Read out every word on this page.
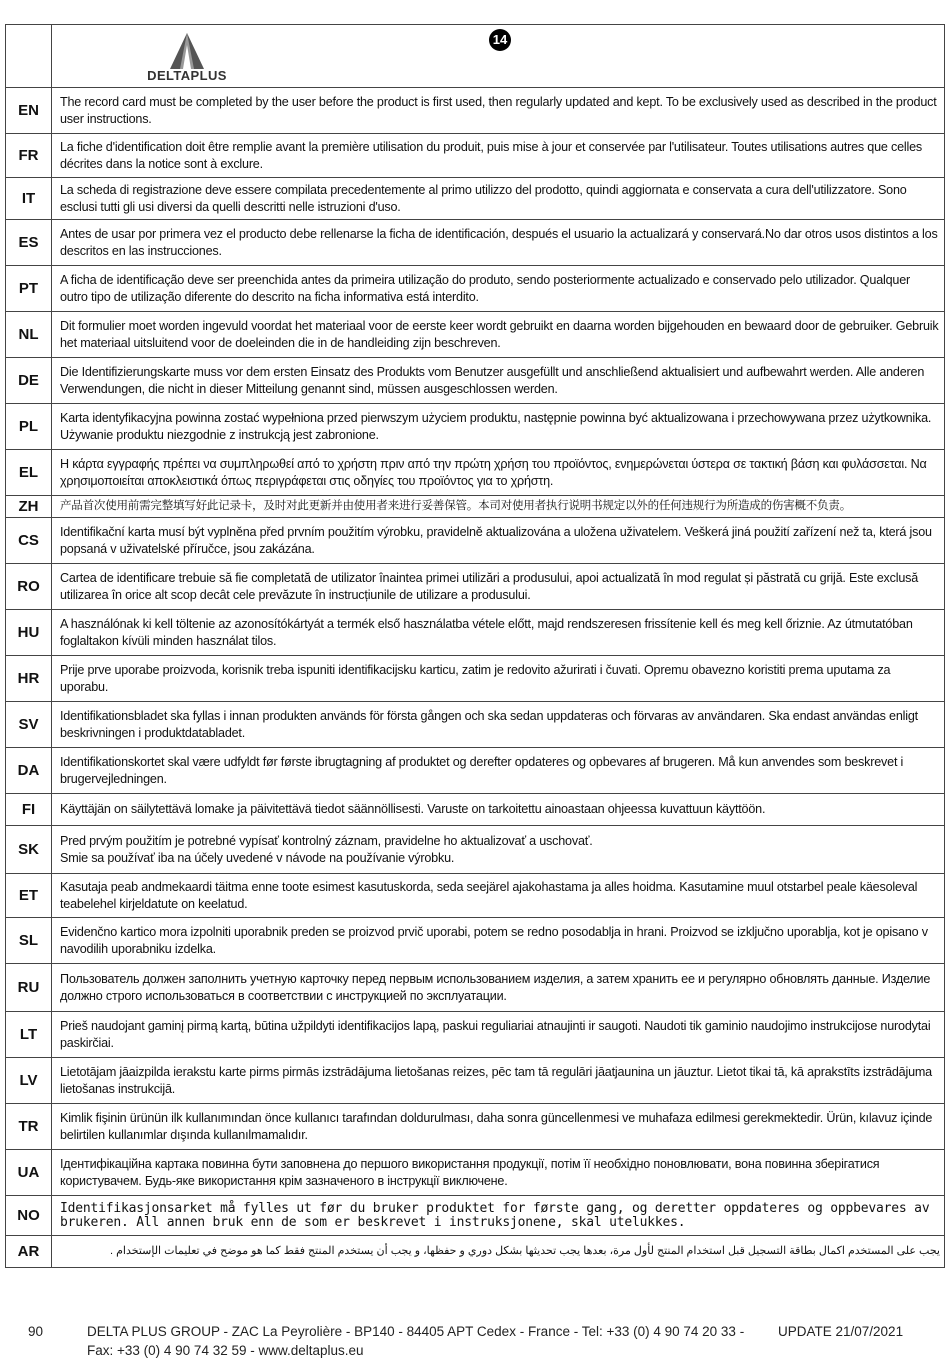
	DELTAPLUS
14

EN	The record card must be completed by the user before the product is first used, then regularly updated and kept. To be exclusively used as described in the product user instructions.
FR	La fiche d'identification doit être remplie avant la première utilisation du produit, puis mise à jour et conservée par l'utilisateur. Toutes utilisations autres que celles décrites dans la notice sont à exclure.
IT	La scheda di registrazione deve essere compilata precedentemente al primo utilizzo del prodotto, quindi aggiornata e conservata a cura dell'utilizzatore. Sono esclusi tutti gli usi diversi da quelli descritti nelle istruzioni d'uso.
ES	Antes de usar por primera vez el producto debe rellenarse la ficha de identificación, después el usuario la actualizará y conservará.No dar otros usos distintos a los descritos en las instrucciones.
PT	A ficha de identificação deve ser preenchida antes da primeira utilização do produto, sendo posteriormente actualizado e conservado pelo utilizador. Qualquer outro tipo de utilização diferente do descrito na ficha informativa está interdito.
NL	Dit formulier moet worden ingevuld voordat het materiaal voor de eerste keer wordt gebruikt en daarna worden bijgehouden en bewaard door de gebruiker. Gebruik het materiaal uitsluitend voor de doeleinden die in de handleiding zijn beschreven.
DE	Die Identifizierungskarte muss vor dem ersten Einsatz des Produkts vom Benutzer ausgefüllt und anschließend aktualisiert und aufbewahrt werden. Alle anderen Verwendungen, die nicht in dieser Mitteilung genannt sind, müssen ausgeschlossen werden.
PL	Karta identyfikacyjna powinna zostać wypełniona przed pierwszym użyciem produktu, następnie powinna być aktualizowana i przechowywana przez użytkownika. Używanie produktu niezgodnie z instrukcją jest zabronione.
EL	Η κάρτα εγγραφής πρέπει να συμπληρωθεί από το χρήστη πριν από την πρώτη χρήση του προϊόντος, ενημερώνεται ύστερα σε τακτική βάση και φυλάσσεται. Να χρησιμοποιείται αποκλειστικά όπως περιγράφεται στις οδηγίες του προϊόντος για το χρήστη.
ZH	产品首次使用前需完整填写好此记录卡，及时对此更新并由使用者来进行妥善保管。本司对使用者执行说明书规定以外的任何违规行为所造成的伤害概不负责。
CS	Identifikační karta musí být vyplněna před prvním použitím výrobku, pravidelně aktualizována a uložena uživatelem. Veškerá jiná použití zařízení než ta, která jsou popsaná v uživatelské příručce, jsou zakázána.
RO	Cartea de identificare trebuie să fie completată de utilizator înaintea primei utilizări a produsului, apoi actualizată în mod regulat și păstrată cu grijă. Este exclusă utilizarea în orice alt scop decât cele prevăzute în instrucțiunile de utilizare a produsului.
HU	A használónak ki kell töltenie az azonosítókártyát a termék első használatba vétele előtt, majd rendszeresen frissítenie kell és meg kell őriznie. Az útmutatóban foglaltakon kívüli minden használat tilos.
HR	Prije prve uporabe proizvoda, korisnik treba ispuniti identifikacijsku karticu, zatim je redovito ažurirati i čuvati. Opremu obavezno koristiti prema uputama za uporabu.
SV	Identifikationsbladet ska fyllas i innan produkten används för första gången och ska sedan uppdateras och förvaras av användaren. Ska endast användas enligt beskrivningen i produktdatabladet.
DA	Identifikationskortet skal være udfyldt før første ibrugtagning af produktet og derefter opdateres og opbevares af brugeren. Må kun anvendes som beskrevet i brugervejledningen.
FI	Käyttäjän on säilytettävä lomake ja päivitettävä tiedot säännöllisesti. Varuste on tarkoitettu ainoastaan ohjeessa kuvattuun käyttöön.
SK	Pred prvým použitím je potrebné vypísať kontrolný záznam, pravidelne ho aktualizovať a uschovať.
Smie sa používať iba na účely uvedené v návode na používanie výrobku.
ET	Kasutaja peab andmekaardi täitma enne toote esimest kasutuskorda, seda seejärel ajakohastama ja alles hoidma. Kasutamine muul otstarbel peale käesoleval teabelehel kirjeldatute on keelatud.
SL	Evidenčno kartico mora izpolniti uporabnik preden se proizvod prvič uporabi, potem se redno posodablja in hrani. Proizvod se izključno uporablja, kot je opisano v navodilih uporabniku izdelka.
RU	Пользователь должен заполнить учетную карточку перед первым использованием изделия, а затем хранить ее и регулярно обновлять данные. Изделие должно строго использоваться в соответствии с инструкцией по эксплуатации.
LT	Prieš naudojant gaminį pirmą kartą, būtina užpildyti identifikacijos lapą, paskui reguliariai atnaujinti ir saugoti. Naudoti tik gaminio naudojimo instrukcijose nurodytai paskirčiai.
LV	Lietotājam jāaizpilda ierakstu karte pirms pirmās izstrādājuma lietošanas reizes, pēc tam tā regulāri jāatjaunina un jāuztur. Lietot tikai tā, kā aprakstīts izstrādājuma lietošanas instrukcijā.
TR	Kimlik fişinin ürünün ilk kullanımından önce kullanıcı tarafından doldurulması, daha sonra güncellenmesi ve muhafaza edilmesi gerekmektedir. Ürün, kılavuz içinde belirtilen kullanımlar dışında kullanılmamalıdır.
UA	Ідентифікаційна картака повинна бути заповнена до першого використання продукції, потім її необхідно поновлювати, вона повинна зберігатися користувачем. Будь-яке використання крім зазначеного в інструкції виключене.
NO	Identifikasjonsarket må fylles ut før du bruker produktet for første gang, og deretter oppdateres og oppbevares av brukeren. All annen bruk enn de som er beskrevet i instruksjonene, skal utelukkes.
AR	يجب على المستخدم اكمال بطاقة التسجيل قبل استخدام المنتج لأول مرة، بعدها يجب تحديثها بشكل دوري و حفظها، و يجب أن يستخدم المنتج فقط كما هو موضح في تعليمات الإستخدام .
90	DELTA PLUS GROUP - ZAC La Peyrolière - BP140 - 84405 APT Cedex - France - Tel: +33 (0) 4 90 74 20 33 - Fax: +33 (0) 4 90 74 32 59 - www.deltaplus.eu
UPDATE 21/07/2021
